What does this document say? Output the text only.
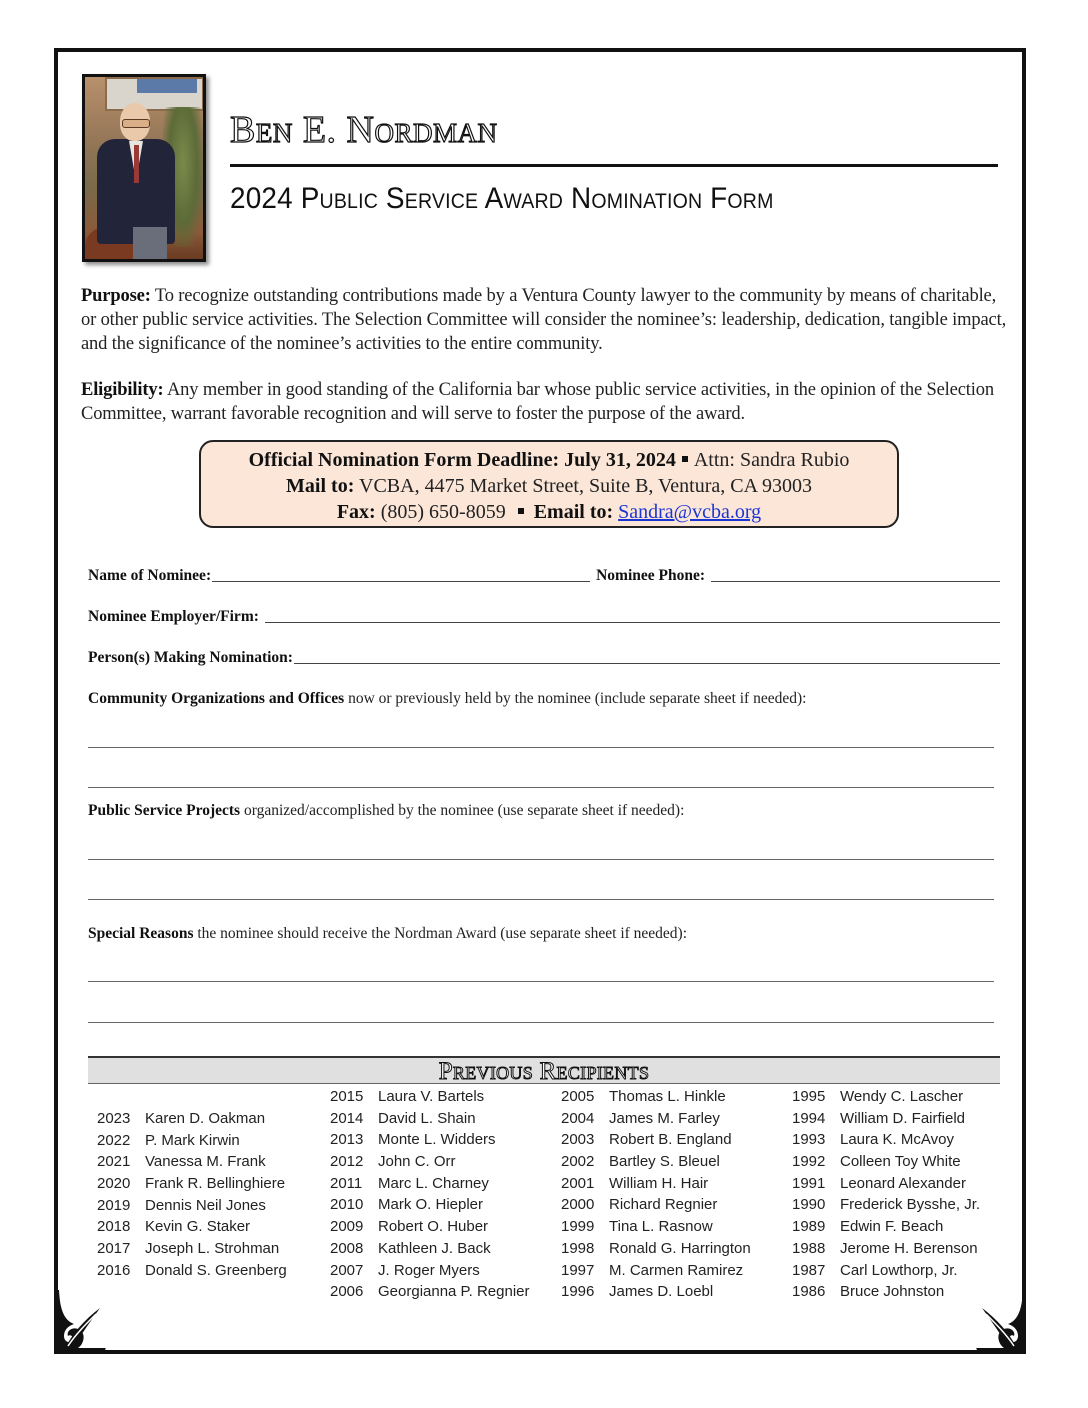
Ben E. Nordman
2024 Public Service Award Nomination Form
Purpose: To recognize outstanding contributions made by a Ventura County lawyer to the community by means of charitable, or other public service activities. The Selection Committee will consider the nominee’s: leadership, dedication, tangible impact, and the significance of the nominee’s activities to the entire community.
Eligibility: Any member in good standing of the California bar whose public service activities, in the opinion of the Selection Committee, warrant favorable recognition and will serve to foster the purpose of the award.
Official Nomination Form Deadline: July 31, 2024 Attn: Sandra Rubio
Mail to: VCBA, 4475 Market Street, Suite B, Ventura, CA 93003
Fax: (805) 650-8059 Email to: Sandra@vcba.org
Name of Nominee:	Nominee Phone:
Nominee Employer/Firm:
Person(s) Making Nomination:
Community Organizations and Offices now or previously held by the nominee (include separate sheet if needed):
Public Service Projects organized/accomplished by the nominee (use separate sheet if needed):
Special Reasons the nominee should receive the Nordman Award (use separate sheet if needed):
Previous Recipients
2023 Karen D. Oakman
2022 P. Mark Kirwin
2021 Vanessa M. Frank
2020 Frank R. Bellinghiere
2019 Dennis Neil Jones
2018 Kevin G. Staker
2017 Joseph L. Strohman
2016 Donald S. Greenberg
2015 Laura V. Bartels
2014 David L. Shain
2013 Monte L. Widders
2012 John C. Orr
2011	Marc L. Charney
2010 Mark O. Hiepler
2009 Robert O. Huber
2008 Kathleen J. Back
2007 J. Roger Myers
2006 Georgianna P. Regnier
2005 Thomas L. Hinkle
2004 James M. Farley
2003 Robert B. England
2002 Bartley S. Bleuel
2001 William H. Hair
2000 Richard Regnier
1999 Tina L. Rasnow
1998 Ronald G. Harrington
1997 M. Carmen Ramirez
1996 James D. Loebl
1995 Wendy C. Lascher
1994 William D. Fairfield
1993 Laura K. McAvoy
1992 Colleen Toy White
1991 Leonard Alexander
1990 Frederick Bysshe, Jr.
1989 Edwin F. Beach
1988 Jerome H. Berenson
1987 Carl Lowthorp, Jr.
1986 Bruce Johnston
